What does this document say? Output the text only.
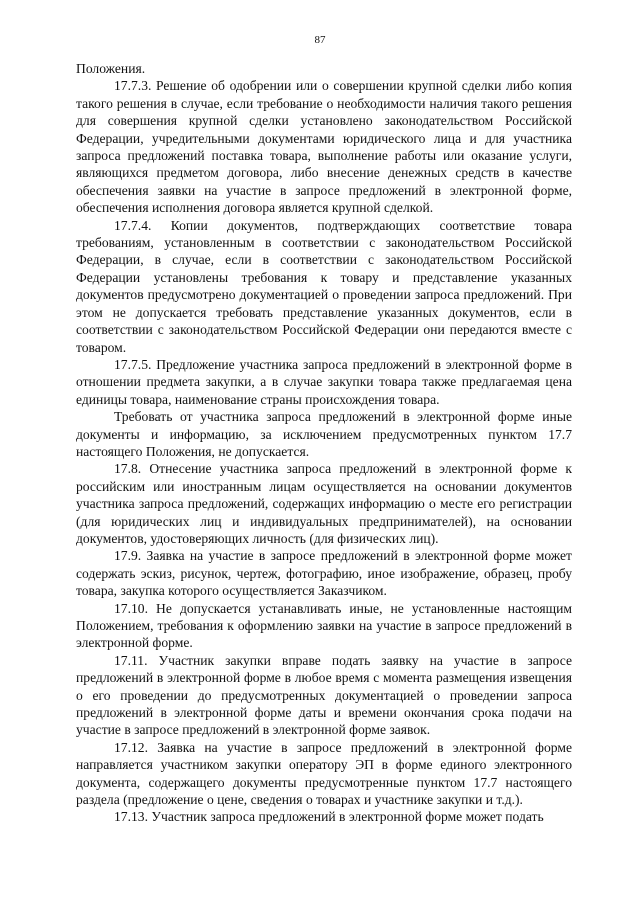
87

Положения.

17.7.3. Решение об одобрении или о совершении крупной сделки либо копия такого решения в случае, если требование о необходимости наличия такого решения для совершения крупной сделки установлено законодательством Российской Федерации, учредительными документами юридического лица и для участника запроса предложений поставка товара, выполнение работы или оказание услуги, являющихся предметом договора, либо внесение денежных средств в качестве обеспечения заявки на участие в запросе предложений в электронной форме, обеспечения исполнения договора является крупной сделкой.

17.7.4. Копии документов, подтверждающих соответствие товара требованиям, установленным в соответствии с законодательством Российской Федерации, в случае, если в соответствии с законодательством Российской Федерации установлены требования к товару и представление указанных документов предусмотрено документацией о проведении запроса предложений. При этом не допускается требовать представление указанных документов, если в соответствии с законодательством Российской Федерации они передаются вместе с товаром.

17.7.5. Предложение участника запроса предложений в электронной форме в отношении предмета закупки, а в случае закупки товара также предлагаемая цена единицы товара, наименование страны происхождения товара.

Требовать от участника запроса предложений в электронной форме иные документы и информацию, за исключением предусмотренных пунктом 17.7 настоящего Положения, не допускается.

17.8. Отнесение участника запроса предложений в электронной форме к российским или иностранным лицам осуществляется на основании документов участника запроса предложений, содержащих информацию о месте его регистрации (для юридических лиц и индивидуальных предпринимателей), на основании документов, удостоверяющих личность (для физических лиц).

17.9. Заявка на участие в запросе предложений в электронной форме может содержать эскиз, рисунок, чертеж, фотографию, иное изображение, образец, пробу товара, закупка которого осуществляется Заказчиком.

17.10. Не допускается устанавливать иные, не установленные настоящим Положением, требования к оформлению заявки на участие в запросе предложений в электронной форме.

17.11. Участник закупки вправе подать заявку на участие в запросе предложений в электронной форме в любое время с момента размещения извещения о его проведении до предусмотренных документацией о проведении запроса предложений в электронной форме даты и времени окончания срока подачи на участие в запросе предложений в электронной форме заявок.

17.12. Заявка на участие в запросе предложений в электронной форме направляется участником закупки оператору ЭП в форме единого электронного документа, содержащего документы предусмотренные пунктом 17.7 настоящего раздела (предложение о цене, сведения о товарах и участнике закупки и т.д.).

17.13. Участник запроса предложений в электронной форме может подать
